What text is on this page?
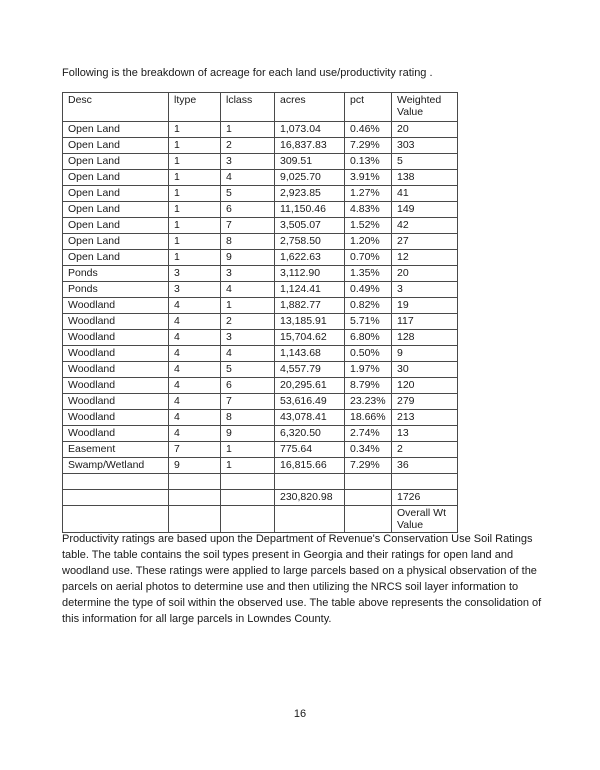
Following is the breakdown of acreage for each land use/productivity rating .
Desc	ltype	lclass	acres	pct	Weighted Value
Open Land	1	1	1,073.04	0.46%	20
Open Land	1	2	16,837.83	7.29%	303
Open Land	1	3	309.51	0.13%	5
Open Land	1	4	9,025.70	3.91%	138
Open Land	1	5	2,923.85	1.27%	41
Open Land	1	6	11,150.46	4.83%	149
Open Land	1	7	3,505.07	1.52%	42
Open Land	1	8	2,758.50	1.20%	27
Open Land	1	9	1,622.63	0.70%	12
Ponds	3	3	3,112.90	1.35%	20
Ponds	3	4	1,124.41	0.49%	3
Woodland	4	1	1,882.77	0.82%	19
Woodland	4	2	13,185.91	5.71%	117
Woodland	4	3	15,704.62	6.80%	128
Woodland	4	4	1,143.68	0.50%	9
Woodland	4	5	4,557.79	1.97%	30
Woodland	4	6	20,295.61	8.79%	120
Woodland	4	7	53,616.49	23.23%	279
Woodland	4	8	43,078.41	18.66%	213
Woodland	4	9	6,320.50	2.74%	13
Easement	7	1	775.64	0.34%	2
Swamp/Wetland	9	1	16,815.66	7.29%	36

			230,820.98		1726
					Overall Wt Value
Productivity ratings are based upon the Department of Revenue's Conservation Use Soil Ratings table. The table contains the soil types present in Georgia and their ratings for open land and woodland use. These ratings were applied to large parcels based on a physical observation of the parcels on aerial photos to determine use and then utilizing the NRCS soil layer information to determine the type of soil within the observed use. The table above represents the consolidation of this information for all large parcels in Lowndes County.
16
